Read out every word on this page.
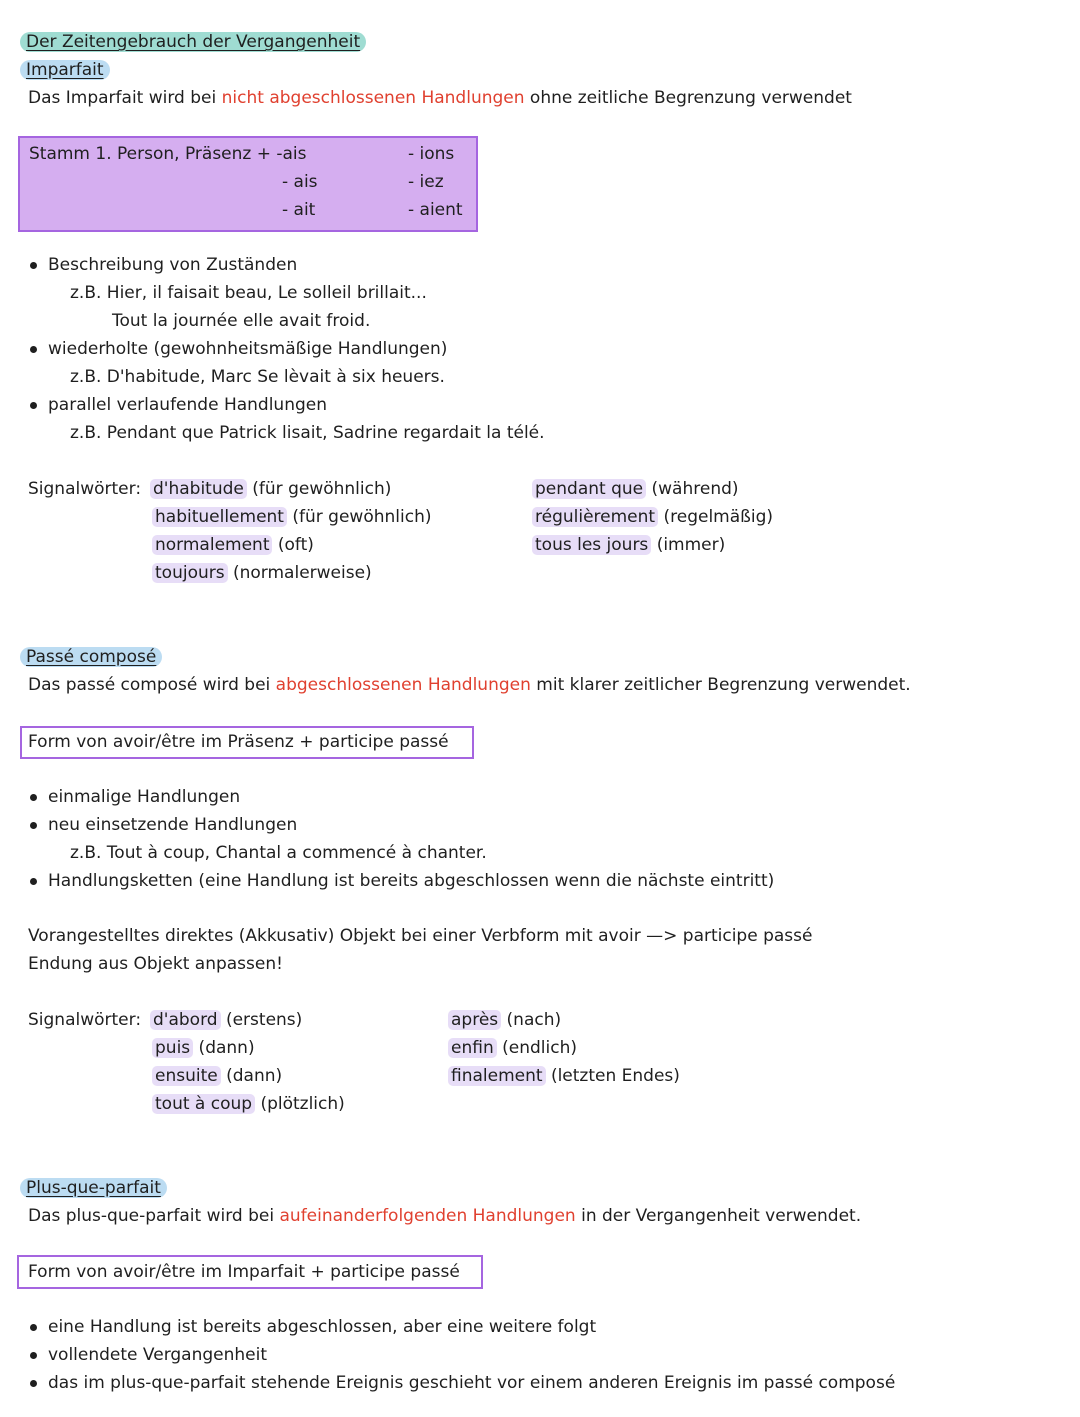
Der Zeitengebrauch der Vergangenheit
Imparfait
Das Imparfait wird bei nicht abgeschlossenen Handlungen ohne zeitliche Begrenzung verwendet
Stamm 1. Person, Präsenz + -ais
- ais
- ait
- ions
- iez
- aient
Beschreibung von Zuständen
z.B. Hier, il faisait beau, Le solleil brillait...
Tout la journée elle avait froid.
wiederholte (gewohnheitsmäßige Handlungen)
z.B. D'habitude, Marc Se lèvait à six heuers.
parallel verlaufende Handlungen
z.B. Pendant que Patrick lisait, Sadrine regardait la télé.
Signalwörter: d'habitude (für gewöhnlich)
habituellement (für gewöhnlich)
normalement (oft)
toujours (normalerweise)
pendant que (während)
régulièrement (regelmäßig)
tous les jours (immer)
Passé composé
Das passé composé wird bei abgeschlossenen Handlungen mit klarer zeitlicher Begrenzung verwendet.
Form von avoir/être im Präsenz + participe passé
einmalige Handlungen
neu einsetzende Handlungen
z.B. Tout à coup, Chantal a commencé à chanter.
Handlungsketten (eine Handlung ist bereits abgeschlossen wenn die nächste eintritt)
Vorangestelltes direktes (Akkusativ) Objekt bei einer Verbform mit avoir —> participe passé
Endung aus Objekt anpassen!
Signalwörter: d'abord (erstens)
puis (dann)
ensuite (dann)
tout à coup (plötzlich)
après (nach)
enfin (endlich)
finalement (letzten Endes)
Plus-que-parfait
Das plus-que-parfait wird bei aufeinanderfolgenden Handlungen in der Vergangenheit verwendet.
Form von avoir/être im Imparfait + participe passé
eine Handlung ist bereits abgeschlossen, aber eine weitere folgt
vollendete Vergangenheit
das im plus-que-parfait stehende Ereignis geschieht vor einem anderen Ereignis im passé composé
